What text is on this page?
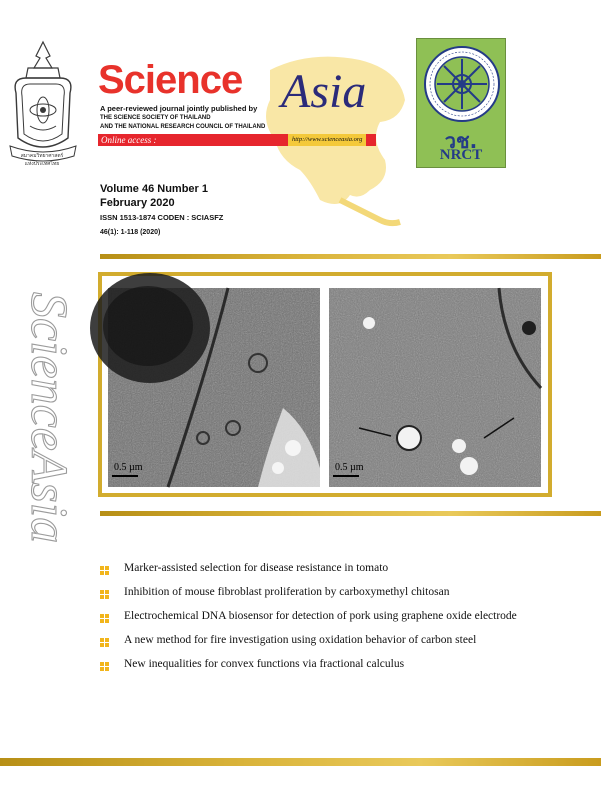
สมาคมวิทยาศาสตร์
แห่งประเทศไทย
Science Asia
A peer-reviewed journal jointly published by
THE SCIENCE SOCIETY OF THAILAND
AND THE NATIONAL RESEARCH COUNCIL OF THAILAND
Online access :	http://www.scienceasia.org	วช.
NRCT
Volume 46 Number 1
February 2020
ISSN 1513-1874 CODEN : SCIASFZ
46(1): 1-118 (2020)
ScienceAsia	0.5 µm	0.5 µm
Marker-assisted selection for disease resistance in tomato
Inhibition of mouse fibroblast proliferation by carboxymethyl chitosan
Electrochemical DNA biosensor for detection of pork using graphene oxide electrode
A new method for fire investigation using oxidation behavior of carbon steel
New inequalities for convex functions via fractional calculus
